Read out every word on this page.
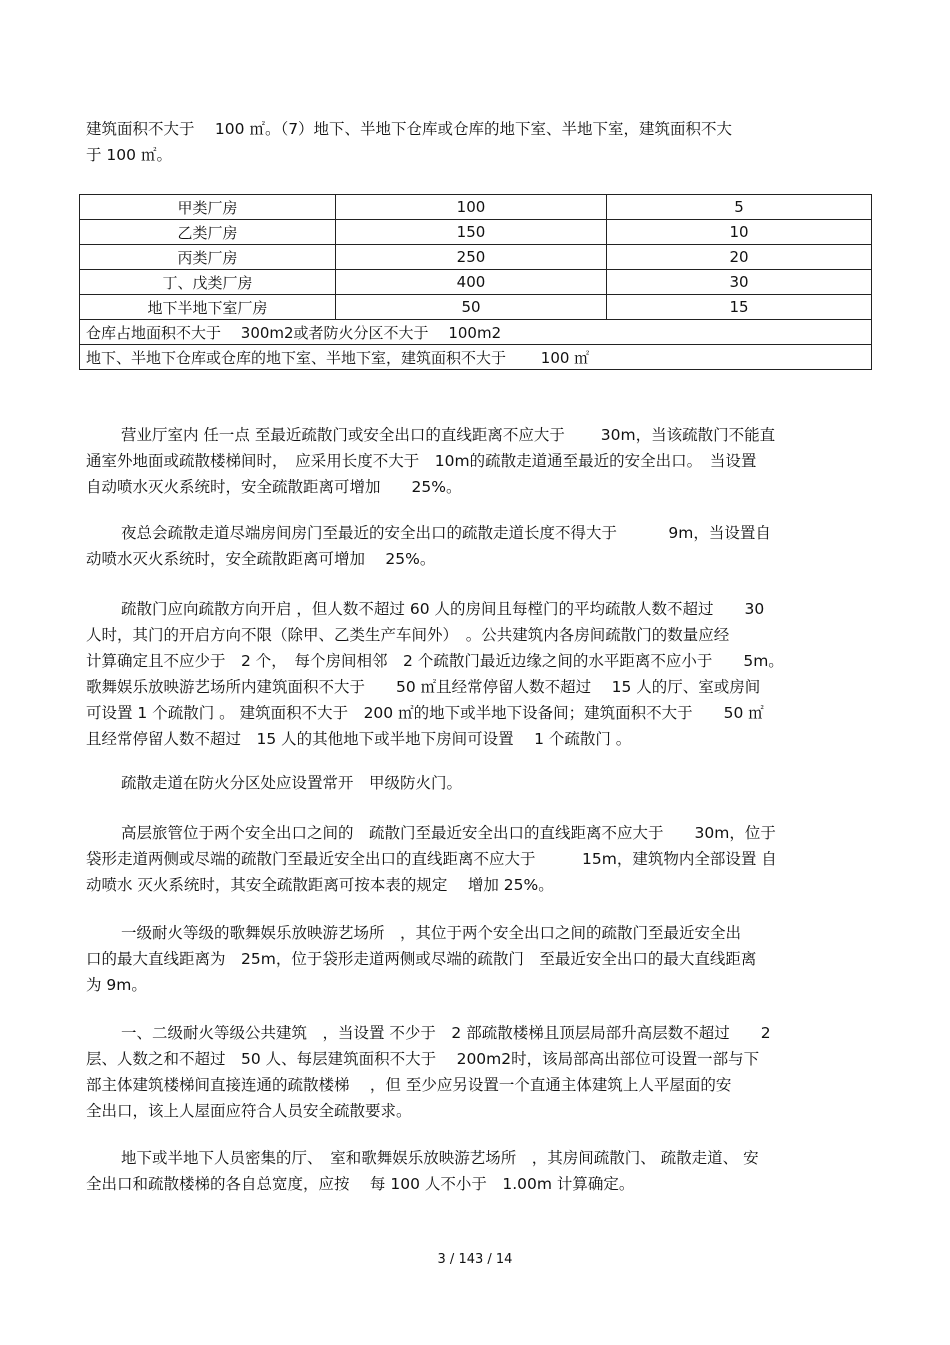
建筑面积不大于　 100 ㎡。（7）地下、半地下仓库或仓库的地下室、半地下室，建筑面积不大
于 100 ㎡。
甲类厂房	100	5
乙类厂房	150	10
丙类厂房	250	20
丁、戊类厂房	400	30
地下半地下室厂房	50	15
仓库占地面积不大于　 300m2或者防火分区不大于　 100m2		
地下、半地下仓库或仓库的地下室、半地下室，建筑面积不大于　　 100 ㎡		
营业厅室内 任一点 至最近疏散门或安全出口的直线距离不应大于　　 30m，当该疏散门不能直
通室外地面或疏散楼梯间时，　应采用长度不大于　10m的疏散走道通至最近的安全出口。　当设置
自动喷水灭火系统时，安全疏散距离可增加　　25%。
夜总会疏散走道尽端房间房门至最近的安全出口的疏散走道长度不得大于　　　 9m，当设置自
动喷水灭火系统时，安全疏散距离可增加　 25%。
疏散门应向疏散方向开启 ，但人数不超过 60 人的房间且每樘门的平均疏散人数不超过　　30
人时，其门的开启方向不限（除甲、乙类生产车间外）　。公共建筑内各房间疏散门的数量应经
计算确定且不应少于　2 个，　每个房间相邻　2 个疏散门最近边缘之间的水平距离不应小于　　5m。
歌舞娱乐放映游艺场所内建筑面积不大于　　50 ㎡且经常停留人数不超过　 15 人的厅、室或房间
可设置 1 个疏散门 。 建筑面积不大于　200 ㎡的地下或半地下设备间；建筑面积不大于　　50 ㎡
且经常停留人数不超过　15 人的其他地下或半地下房间可设置　 1 个疏散门 。
疏散走道在防火分区处应设置常开　甲级防火门。
高层旅管位于两个安全出口之间的　疏散门至最近安全出口的直线距离不应大于　　30m，位于
袋形走道两侧或尽端的疏散门至最近安全出口的直线距离不应大于　　　15m，建筑物内全部设置 自
动喷水 灭火系统时，其安全疏散距离可按本表的规定　 增加 25%。
一级耐火等级的歌舞娱乐放映游艺场所　，其位于两个安全出口之间的疏散门至最近安全出
口的最大直线距离为　25m，位于袋形走道两侧或尽端的疏散门　至最近安全出口的最大直线距离
为 9m。
一、二级耐火等级公共建筑　，当设置 不少于　2 部疏散楼梯且顶层局部升高层数不超过　　2
层、人数之和不超过　50 人、每层建筑面积不大于　 200m2时，该局部高出部位可设置一部与下
部主体建筑楼梯间直接连通的疏散楼梯　 ，但 至少应另设置一个直通主体建筑上人平屋面的安
全出口，该上人屋面应符合人员安全疏散要求。
地下或半地下人员密集的厅、　室和歌舞娱乐放映游艺场所　，其房间疏散门、 疏散走道、 安
全出口和疏散楼梯的各自总宽度，应按　 每 100 人不小于　1.00m 计算确定。
3 / 143 / 14
